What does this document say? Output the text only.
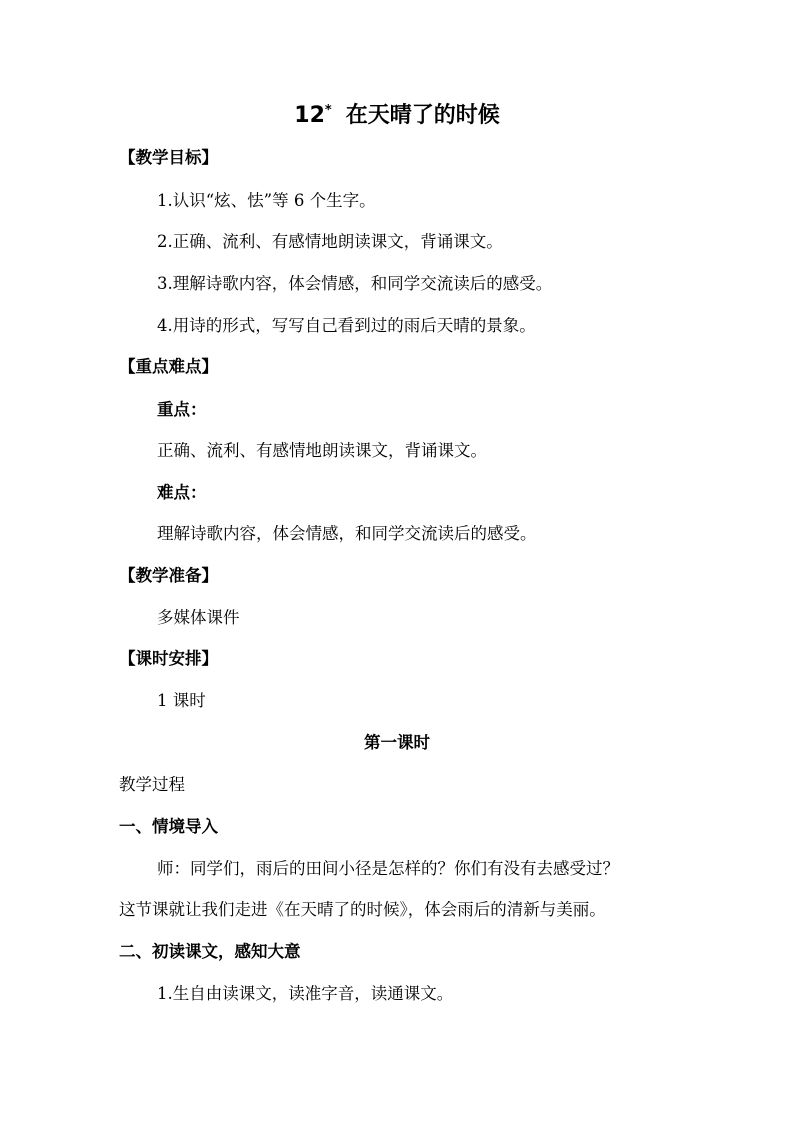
12* 在天晴了的时候
【教学目标】
1.认识“炫、怯”等 6 个生字。
2.正确、流利、有感情地朗读课文，背诵课文。
3.理解诗歌内容，体会情感，和同学交流读后的感受。
4.用诗的形式，写写自己看到过的雨后天晴的景象。
【重点难点】
重点：
正确、流利、有感情地朗读课文，背诵课文。
难点：
理解诗歌内容，体会情感，和同学交流读后的感受。
【教学准备】
多媒体课件
【课时安排】
1 课时
第一课时
教学过程
一、情境导入
师：同学们，雨后的田间小径是怎样的？你们有没有去感受过？
这节课就让我们走进《在天晴了的时候》，体会雨后的清新与美丽。
二、初读课文，感知大意
1.生自由读课文，读准字音，读通课文。
